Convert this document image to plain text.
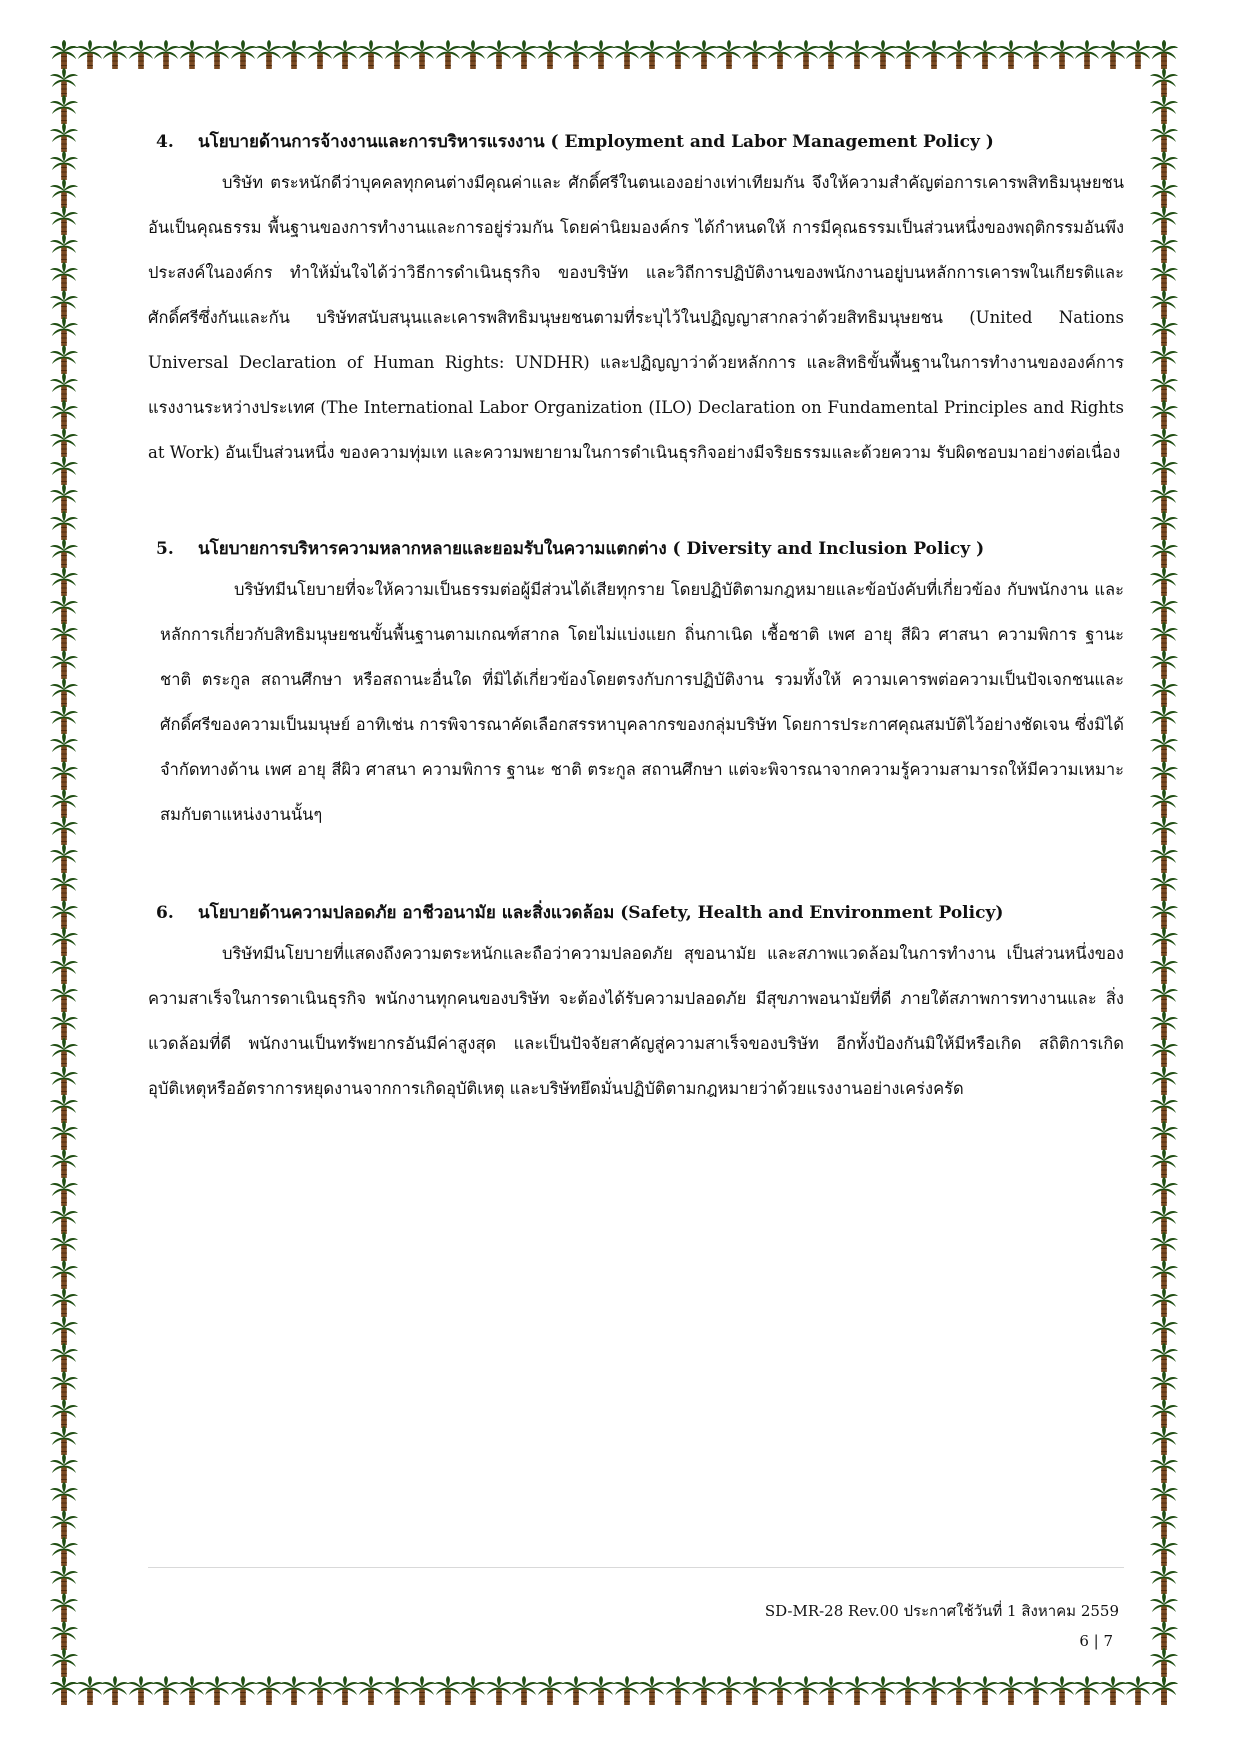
4.	นโยบายด้านการจ้างงานและการบริหารแรงงาน ( Employment and Labor Management Policy )

บริษัท ตระหนักดีว่าบุคคลทุกคนต่างมีคุณค่าและ ศักดิ์ศรีในตนเองอย่างเท่าเทียมกัน จึงให้ความสำคัญต่อการเคารพสิทธิมนุษยชน อันเป็นคุณธรรม พื้นฐานของการทำงานและการอยู่ร่วมกัน โดยค่านิยมองค์กร ได้กำหนดให้ การมีคุณธรรมเป็นส่วนหนึ่งของพฤติกรรมอันพึงประสงค์ในองค์กร ทำให้มั่นใจได้ว่าวิธีการดำเนินธุรกิจ ของบริษัท และวิถีการปฏิบัติงานของพนักงานอยู่บนหลักการเคารพในเกียรติและศักดิ์ศรีซึ่งกันและกัน บริษัทสนับสนุนและเคารพสิทธิมนุษยชนตามที่ระบุไว้ในปฏิญญาสากลว่าด้วยสิทธิมนุษยชน (United Nations Universal Declaration of Human Rights: UNDHR) และปฏิญญาว่าด้วยหลักการ และสิทธิขั้นพื้นฐานในการทำงานขององค์การแรงงานระหว่างประเทศ (The International Labor Organization (ILO) Declaration on Fundamental Principles and Rights at Work) อันเป็นส่วนหนึ่ง ของความทุ่มเท และความพยายามในการดำเนินธุรกิจอย่างมีจริยธรรมและด้วยความ รับผิดชอบมาอย่างต่อเนื่อง

5.	นโยบายการบริหารความหลากหลายและยอมรับในความแตกต่าง ( Diversity and Inclusion Policy )

บริษัทมีนโยบายที่จะให้ความเป็นธรรมต่อผู้มีส่วนได้เสียทุกราย โดยปฏิบัติตามกฎหมายและข้อบังคับที่เกี่ยวข้อง กับพนักงาน และหลักการเกี่ยวกับสิทธิมนุษยชนขั้นพื้นฐานตามเกณฑ์สากล โดยไม่แบ่งแยก ถิ่นกาเนิด เชื้อชาติ เพศ อายุ สีผิว ศาสนา ความพิการ ฐานะ ชาติ ตระกูล สถานศึกษา หรือสถานะอื่นใด ที่มิได้เกี่ยวข้องโดยตรงกับการปฏิบัติงาน รวมทั้งให้ ความเคารพต่อความเป็นปัจเจกชนและศักดิ์ศรีของความเป็นมนุษย์ อาทิเช่น การพิจารณาคัดเลือกสรรหาบุคลากรของกลุ่มบริษัท โดยการประกาศคุณสมบัติไว้อย่างชัดเจน ซึ่งมิได้จำกัดทางด้าน เพศ อายุ สีผิว ศาสนา ความพิการ ฐานะ ชาติ ตระกูล สถานศึกษา แต่จะพิจารณาจากความรู้ความสามารถให้มีความเหมาะสมกับตาแหน่งงานนั้นๆ

6.	นโยบายด้านความปลอดภัย อาชีวอนามัย และสิ่งแวดล้อม (Safety, Health and Environment Policy)

บริษัทมีนโยบายที่แสดงถึงความตระหนักและถือว่าความปลอดภัย สุขอนามัย และสภาพแวดล้อมในการทำงาน เป็นส่วนหนึ่งของความสาเร็จในการดาเนินธุรกิจ พนักงานทุกคนของบริษัท จะต้องได้รับความปลอดภัย มีสุขภาพอนามัยที่ดี ภายใต้สภาพการทางานและ สิ่งแวดล้อมที่ดี พนักงานเป็นทรัพยากรอันมีค่าสูงสุด และเป็นปัจจัยสาคัญสู่ความสาเร็จของบริษัท อีกทั้งป้องกันมิให้มีหรือเกิด สถิติการเกิดอุบัติเหตุหรืออัตราการหยุดงานจากการเกิดอุบัติเหตุ และบริษัทยึดมั่นปฏิบัติตามกฎหมายว่าด้วยแรงงานอย่างเคร่งครัด

SD-MR-28 Rev.00 ประกาศใช้วันที่ 1 สิงหาคม 2559
6 | 7
